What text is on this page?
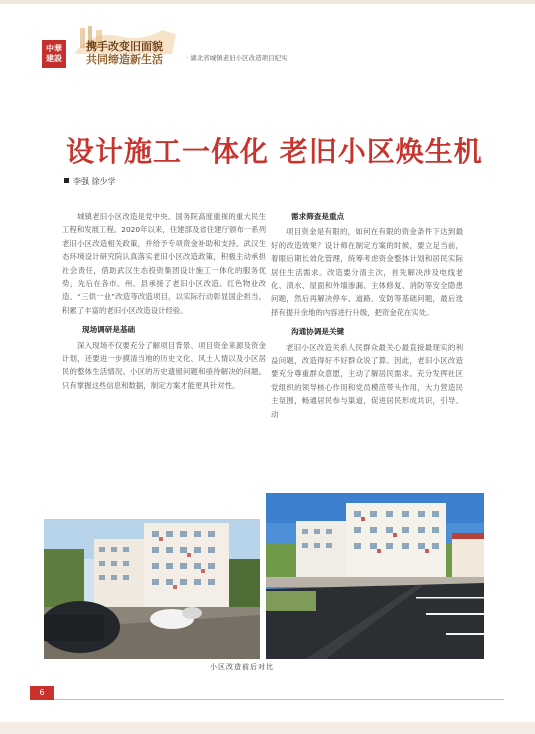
中華
建設
携手改变旧面貌
共同缔造新生活	· 湖北省城镇老旧小区改造项目纪实
设计施工一体化 老旧小区焕生机
李强 徐少学

城镇老旧小区改造是党中央、国务院高度重视的重大民生工程和发展工程。2020年以来，住建部及省住建厅颁布一系列老旧小区改造相关政策，并给予专项资金补助和支持。武汉生态环境设计研究院认真落实老旧小区改造政策，积极主动承担社会责任，借助武汉生态投资集团设计施工一体化的服务优势，先后在各市、州、县承接了老旧小区改造、红色物业改造、“三供一业”改造等改造项目，以实际行动彰显国企担当，积累了丰富的老旧小区改造设计经验。

现场调研是基础

深入现场不仅要充分了解项目背景、项目资金来源及资金计划，还要进一步摸清当地的历史文化、风土人情以及小区居民的整体生活情况、小区的历史遗留问题和亟待解决的问题。只有掌握这些信息和数据，制定方案才能更具针对性。

需求筛查是重点

项目资金是有限的，如何在有限的资金条件下达到最好的改造效果？设计师在制定方案的时候，要立足当前，着眼后期长效化管理，统筹考虑资金整体计划和居民实际居住生活需求。改造要分清主次，首先解决涉及电线老化、渍水、屋面和外墙渗漏、主体修复、消防等安全隐患问题，然后再解决停车、道路、安防等基础问题，最后选择有提升余地的内容进行升级，把资金花在实处。

沟通协调是关键

老旧小区改造关系人民群众最关心最直接最现实的利益问题，改造得好不好群众说了算。因此，老旧小区改造要充分尊重群众意愿，主动了解居民需求。充分发挥社区党组织的领导核心作用和党员模范带头作用，大力营造民主氛围，畅通居民参与渠道，促进居民形成共识，引导、动

小区改造前后对比
6
